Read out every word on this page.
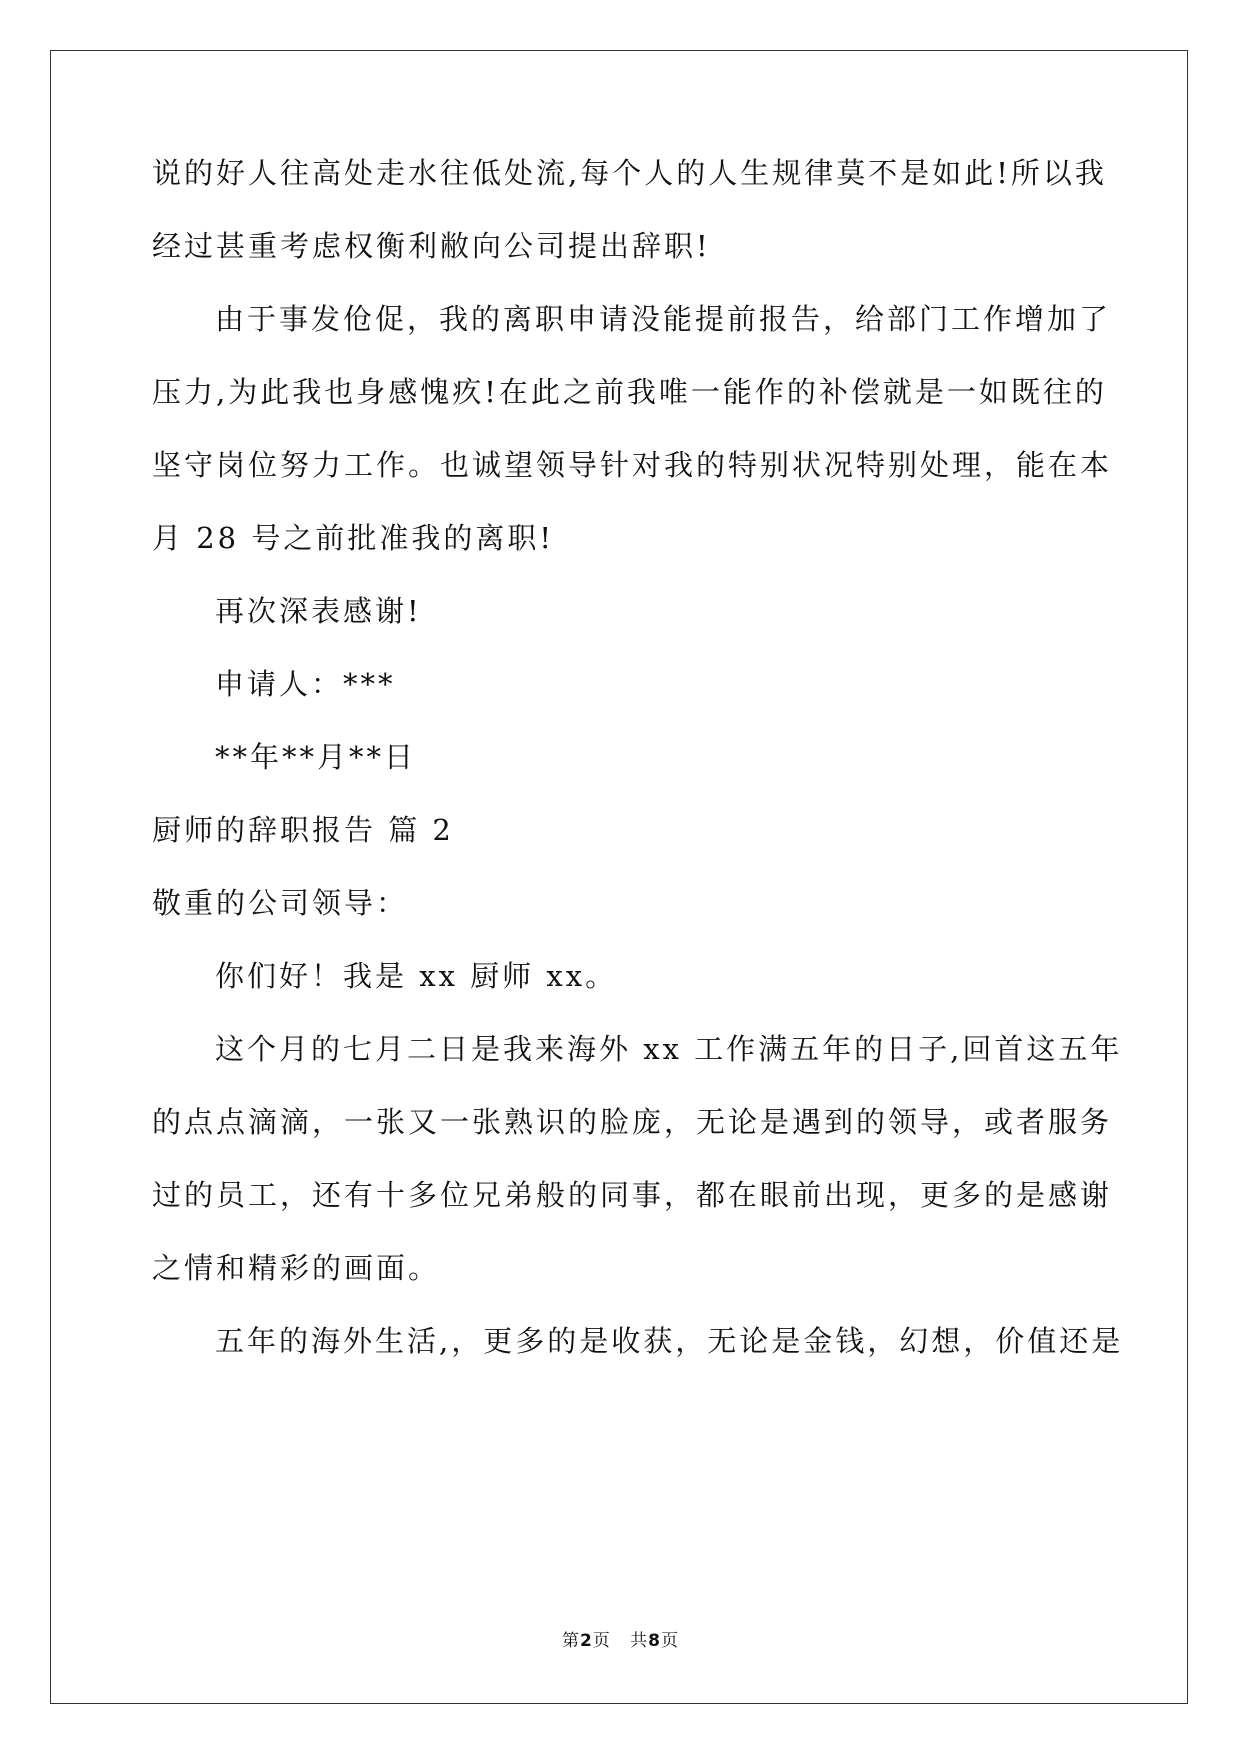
说的好人往高处走水往低处流,每个人的人生规律莫不是如此!所以我
经过甚重考虑权衡利敝向公司提出辞职!
由于事发伧促，我的离职申请没能提前报告，给部门工作增加了
压力,为此我也身感愧疚!在此之前我唯一能作的补偿就是一如既往的
坚守岗位努力工作。也诚望领导针对我的特别状况特别处理，能在本
月 28 号之前批准我的离职!
再次深表感谢!
申请人：***
**年**月**日
厨师的辞职报告 篇 2
敬重的公司领导：
你们好！我是 xx 厨师 xx。
这个月的七月二日是我来海外 xx 工作满五年的日子,回首这五年
的点点滴滴，一张又一张熟识的脸庞，无论是遇到的领导，或者服务
过的员工，还有十多位兄弟般的同事，都在眼前出现，更多的是感谢
之情和精彩的画面。
五年的海外生活,，更多的是收获，无论是金钱，幻想，价值还是
第2页   共8页
